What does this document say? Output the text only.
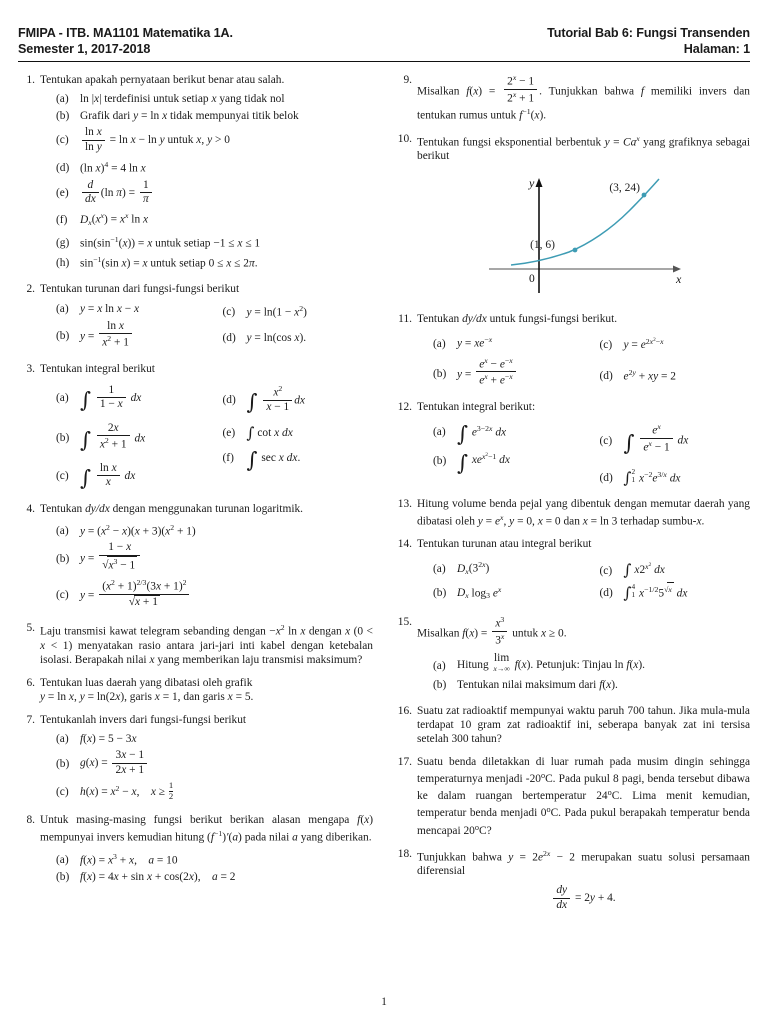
FMIPA - ITB. MA1101 Matematika 1A.
Semester 1, 2017-2018
Tutorial Bab 6: Fungsi Transenden
Halaman: 1
1. Tentukan apakah pernyataan berikut benar atau salah.
(a) ln |x| terdefinisi untuk setiap x yang tidak nol
(b) Grafik dari y = ln x tidak mempunyai titik belok
(c)	$\frac{\text{ln x}}{\text{ln y}} = \ln x - \ln y$ untuk x, y > 0
(d) (ln x)$^4$ = 4 ln x
(e)	$\frac{d}{dx} (\ln$ $\pi) = \frac{1}{\pi}$
(f)	$D_x(x^x) = x^x$ ln x
(g) $\sin(\sin^{-1}(x)) = x$ untuk setiap −1 ≤ x ≤ 1
(h) $\sin^{-1}(\sin$ x) = x untuk setiap 0 ≤ x ≤ 2π.
2. Tentukan turunan dari fungsi-fungsi berikut
(a) y = x ln x − x
(b) $y = \frac{\text{ln x}}{x^2 + 1}$
(c) $y = \ln(1 - x^2)$
(d) y = ln(cos x).
3. Tentukan integral berikut
(a) ∫ $\frac{1}{1 - x}$ dx
(b) ∫ $\frac{2x}{x^2 + 1}$ dx
(c) ∫ $\frac{\text{ln x}}{x}$ dx
(d) ∫ $\frac{x^2}{x - 1}$ dx
(e) ∫ cot x dx
(f) ∫ sec x dx.
4. Tentukan dy/dx dengan menggunakan turunan logaritmik.
(a) $y = (x^2 - x)(x + 3)(x^2 + 1)$
(b) $y = \frac{1 - x}{√x^3 - 1}$
(c) $y = \frac{(x^2 + 1)^{2/3}(3x + 1)^2}{√x + 1}$
5. Laju transmisi kawat telegram sebanding dengan $-x^2$ ln x dengan x (0 < x < 1) menyatakan rasio antara jari-jari inti kabel dengan ketebalan isolasi. Berapakah nilai x yang memberikan laju transmisi maksimum?
6. Tentukan luas daerah yang dibatasi oleh grafik
y = ln x, y = ln(2x), garis x = 1, dan garis x = 5.
7. Tentukanlah invers dari fungsi-fungsi berikut
(a) f(x) = 5 − 3x
(b) $g(x) = \frac{3x - 1}{2x + 1}$
(c) $h(x) = x^2 - x$,    $x \ge \frac{1}{2}$
8. Untuk masing-masing fungsi berikut berikan alasan mengapa f(x) mempunyai invers kemudian hitung $(f^{-1})'(a)$ pada nilai a yang diberikan.
(a) $f(x) = x^3 + x$,    a = 10
(b) f(x) = 4x + sin x + cos(2x),    a = 2
9.
Misalkan $f(x) = \frac{2^x - 1}{2^x + 1}$ . Tunjukkan bahwa f memiliki invers dan tentukan rumus untuk $f^{-1}(x)$.
10. Tentukan fungsi eksponential berbentuk $y = Ca^x$ yang grafiknya sebagai berikut
(1, 6)
(3, 24)
0
y
x
11. Tentukan dy/dx untuk fungsi-fungsi berikut.
(a) $y = xe^{-x}$
(b) $y = \frac{e^x - e^{-x}}{e^x + e^{-x}}$
(c) $y = e^{2x^2-x}$
(d) $e^{2y}$ + xy = 2
12. Tentukan integral berikut:
(a) ∫ $e^{3-2x}$ dx
(b) ∫ $xe^{x^2-1}$ dx
(c) ∫ $\frac{e^x}{e^x - 1}$ dx
(d) ∫ 2
1 $x^{-2}e^{3/x}$ dx
13. Hitung volume benda pejal yang dibentuk dengan memutar daerah yang dibatasi oleh $y = e^x$, y = 0, x = 0 dan x = ln 3 terhadap sumbu-x.
14. Tentukan turunan atau integral berikut
(a) $D_x(3^{2x})$
(b) $D_x$ $\log_3 e^x$
(c) ∫ $x2^{x^2}$ dx
(d) ∫ 4
1 $x^{-1/2}5^{√x}$ dx
15.
Misalkan $f(x) = \frac{x^3}{3^x}$ untuk x ≥ 0.
(a) Hitung
lim
x→∞ f(x). Petunjuk: Tinjau ln f(x).
(b) Tentukan nilai maksimum dari f(x).
16. Suatu zat radioaktif mempunyai waktu paruh 700 tahun. Jika mula-mula terdapat 10 gram zat radioaktif ini, seberapa banyak zat ini tersisa setelah 300 tahun?
17. Suatu benda diletakkan di luar rumah pada musim dingin sehingga temperaturnya menjadi -20$^o$C. Pada pukul 8 pagi, benda tersebut dibawa ke dalam ruangan bertemperatur 24$^o$C. Lima menit kemudian, temperatur benda menjadi 0$^o$C. Pada pukul berapakah temperatur benda mencapai 20$^o$C?
18. Tunjukkan bahwa $y = 2e^{2x} - 2$ merupakan suatu solusi persamaan diferensial
$\frac{dy}{dx} = 2y + 4$.
1
